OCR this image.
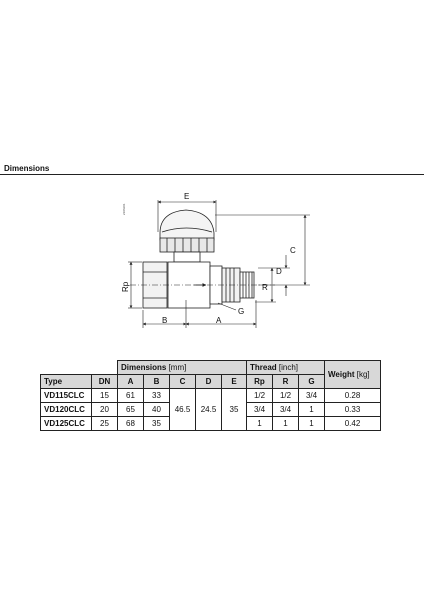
Dimensions
2106z01
E
C
D
Rp	R
B	A
G
		Dimensions [mm]					Thread [inch]			Weight [kg]
Type	DN	A	B	C	D	E	Rp	R	G	
VD115CLC	15	61	33	46.5	24.5	35	1/2	1/2	3/4	0.28
VD120CLC	20	65	40				3/4	3/4	1	0.33
VD125CLC	25	68	35				1	1	1	0.42
